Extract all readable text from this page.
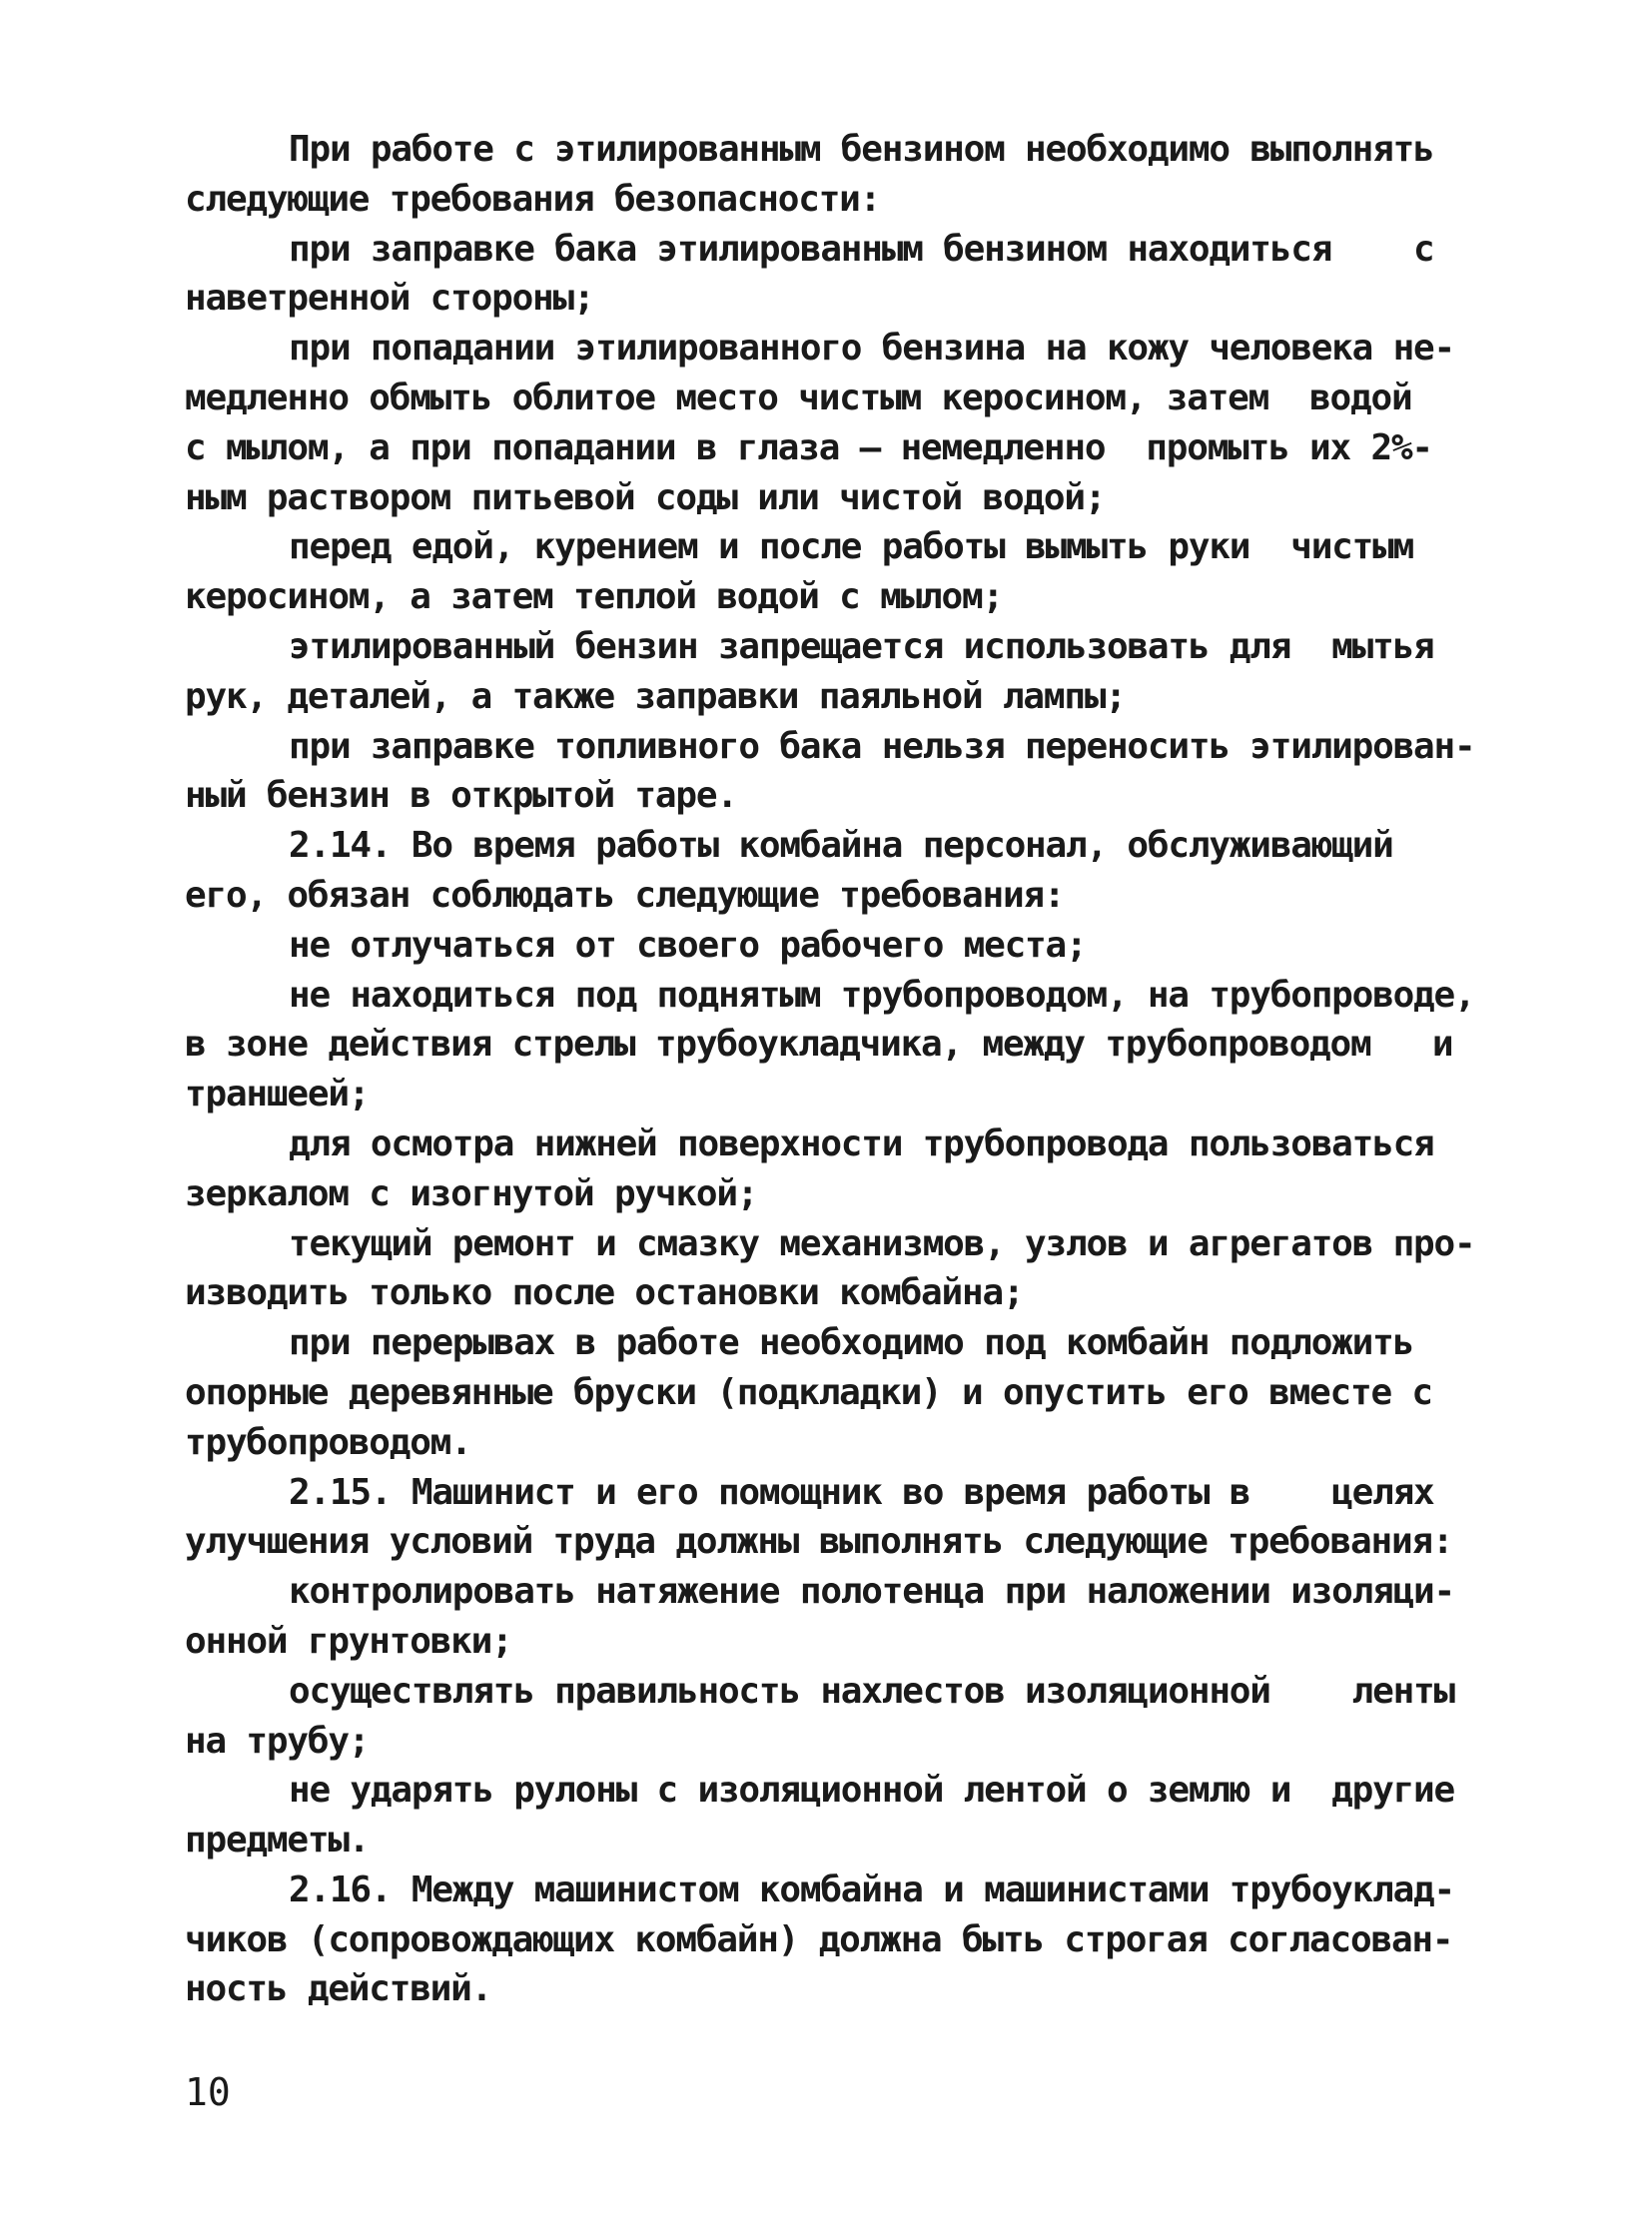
При работе с этилированным бензином необходимо выполнять
следующие требования безопасности:
при заправке бака этилированным бензином находиться    с
наветренной стороны;
при попадании этилированного бензина на кожу человека не-
медленно обмыть облитое место чистым керосином, затем  водой
с мылом, а при попадании в глаза – немедленно  промыть их 2%-
ным раствором питьевой соды или чистой водой;
перед едой, курением и после работы вымыть руки  чистым
керосином, а затем теплой водой с мылом;
этилированный бензин запрещается использовать для  мытья
рук, деталей, а также заправки паяльной лампы;
при заправке топливного бака нельзя переносить этилирован-
ный бензин в открытой таре.
2.14. Во время работы комбайна персонал, обслуживающий
его, обязан соблюдать следующие требования:
не отлучаться от своего рабочего места;
не находиться под поднятым трубопроводом, на трубопроводе,
в зоне действия стрелы трубоукладчика, между трубопроводом   и
траншеей;
для осмотра нижней поверхности трубопровода пользоваться
зеркалом с изогнутой ручкой;
текущий ремонт и смазку механизмов, узлов и агрегатов про-
изводить только после остановки комбайна;
при перерывах в работе необходимо под комбайн подложить
опорные деревянные бруски (подкладки) и опустить его вместе с
трубопроводом.
2.15. Машинист и его помощник во время работы в    целях
улучшения условий труда должны выполнять следующие требования:
контролировать натяжение полотенца при наложении изоляци-
онной грунтовки;
осуществлять правильность нахлестов изоляционной    ленты
на трубу;
не ударять рулоны с изоляционной лентой о землю и  другие
предметы.
2.16. Между машинистом комбайна и машинистами трубоуклад-
чиков (сопровождающих комбайн) должна быть строгая согласован-
ность действий.
10
